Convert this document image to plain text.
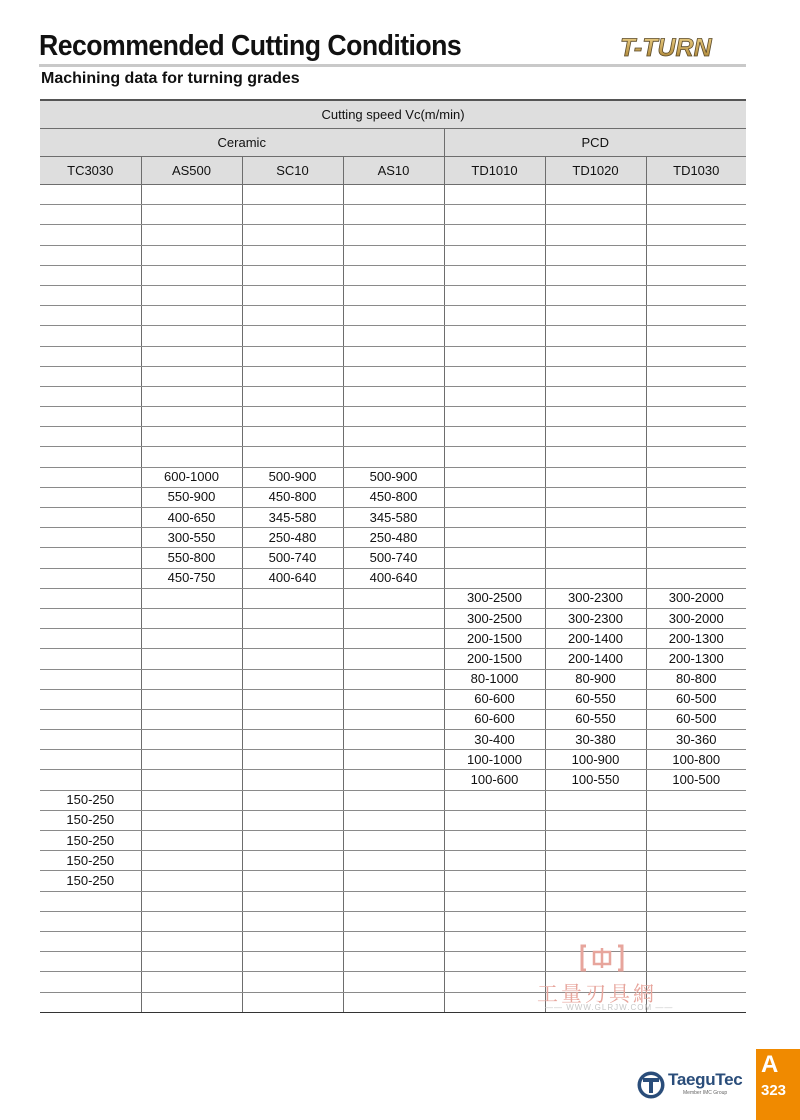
Recommended Cutting Conditions
Machining data for turning grades
T-TURN
Cutting speed Vc(m/min)						
Ceramic				PCD		
TC3030	AS500	SC10	AS10	TD1010	TD1020	TD1030

	600-1000	500-900	500-900			
	550-900	450-800	450-800			
	400-650	345-580	345-580			
	300-550	250-480	250-480			
	550-800	500-740	500-740			
	450-750	400-640	400-640			
				300-2500	300-2300	300-2000
				300-2500	300-2300	300-2000
				200-1500	200-1400	200-1300
				200-1500	200-1400	200-1300
				80-1000	80-900	80-800
				60-600	60-550	60-500
				60-600	60-550	60-500
				30-400	30-380	30-360
				100-1000	100-900	100-800
				100-600	100-550	100-500
150-250						
150-250						
150-250						
150-250						
150-250						

工量刃具網
—— WWW.GLRJW.COM ——
TaeguTec
Member IMC Group
A
323
